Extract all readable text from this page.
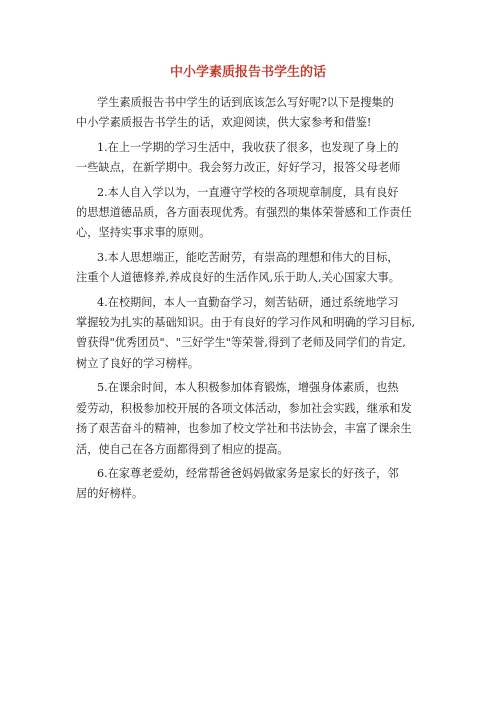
中小学素质报告书学生的话

学生素质报告书中学生的话到底该怎么写好呢?以下是搜集的
中小学素质报告书学生的话，欢迎阅读，供大家参考和借鉴!

1.在上一学期的学习生活中，我收获了很多，也发现了身上的
一些缺点，在新学期中。我会努力改正，好好学习，报答父母老师

2.本人自入学以为，一直遵守学校的各项规章制度，具有良好
的思想道德品质，各方面表现优秀。有强烈的集体荣誉感和工作责任
心，坚持实事求事的原则。

3.本人思想端正，能吃苦耐劳，有崇高的理想和伟大的目标，
注重个人道德修养,养成良好的生活作风,乐于助人,关心国家大事。

4.在校期间，本人一直勤奋学习，刻苦钻研，通过系统地学习
掌握较为扎实的基础知识。由于有良好的学习作风和明确的学习目标,
曾获得"优秀团员"、"三好学生"等荣誉,得到了老师及同学们的肯定,
树立了良好的学习榜样。

5.在课余时间，本人积极参加体育锻炼，增强身体素质，也热
爱劳动，积极参加校开展的各项文体活动，参加社会实践，继承和发
扬了艰苦奋斗的精神，也参加了校文学社和书法协会，丰富了课余生
活，使自己在各方面都得到了相应的提高。

6.在家尊老爱幼，经常帮爸爸妈妈做家务是家长的好孩子，邻
居的好榜样。
